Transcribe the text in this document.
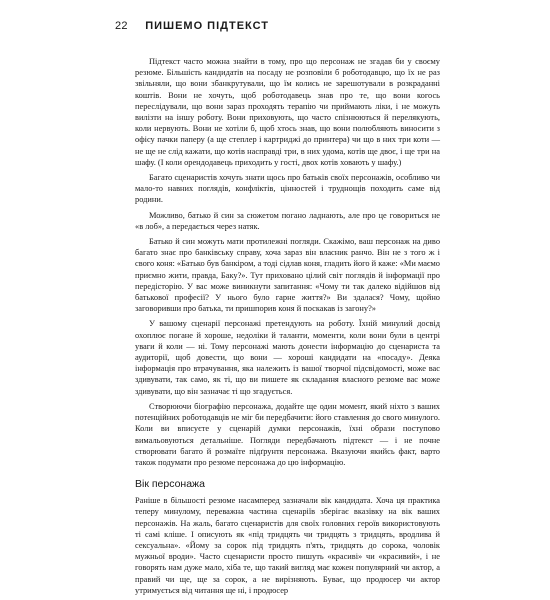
22 ПИШЕМО ПІДТЕКСТ

Підтекст часто можна знайти в тому, про що персонаж не згадав би у своєму резюме. Більшість кандидатів на посаду не розповіли б роботодавцю, що їх не раз звільняли, що вони збанкрутували, що їм колись не зарешотували в розкраданні коштів. Вони не хочуть, щоб роботодавець знав про те, що вони когось переслідували, що вони зараз проходять терапію чи приймають ліки, і не можуть вилізти на іншу роботу. Вони приховують, що часто спізнюються й перелякують, коли нервують. Вони не хотіли б, щоб хтось знав, що вони полюбляють виносити з офісу пачки паперу (а ще степлер і картриджі до принтера) чи що в них три коти — не ще не слід кажати, що котів насправді три, в них удома, котів ще двоє, і ще три на шафу. (І коли орендодавець приходить у гості, двох котів ховають у шафу.)

Багато сценаристів хочуть знати щось про батьків своїх персонажів, особливо чи мало-то навних поглядів, конфліктів, цінностей і труднощів походить саме від родини.

Можливо, батько й син за сюжетом погано ладнають, але про це говориться не «в лоб», а передається через натяк.

Батько й син можуть мати протилежні погляди. Скажімо, ваш персонаж на диво багато знає про банківську справу, хоча зараз він власник ранчо. Він не з того ж і свого коня: «Батько був банкіром, а тоді сідлав коня, гладить його й каже: «Ми маємо приємно жити, правда, Баку?». Тут приховано цілий світ поглядів й інформації про передісторію. У вас може виникнути запитання: «Чому ти так далеко відійшов від батькової професії? У нього було гарне життя?» Ви здалася? Чому, щойно заговоривши про батька, ти пришпорив коня й поскакав із загону?»

У вашому сценарії персонажі претендують на роботу. Їхній минулий досвід охоплює погане й хороше, недоліки й таланти, моменти, коли вони були в центрі уваги й коли — ні. Тому персонажі мають донести інформацію до сценариста та аудиторії, щоб довести, що вони — хороші кандидати на «посаду». Деяка інформація про втрачування, яка належить із вашої творчої підсвідомості, може вас здивувати, так само, як ті, що ви пишете як складання власного резюме вас може здивувати, що він зазначає ті що згадується.

Створюючи біографію персонажа, додайте ще один момент, який ніхто з ваших потенційних роботодавців не міг би передбачити: його ставлення до свого минулого. Коли ви вписуєте у сценарій думки персонажів, їхні образи поступово вимальовуються детальніше. Погляди передбачають підтекст — і не почне створювати багато й розмаїте підґрунтя персонажа. Вказуючи якийсь факт, варто також подумати про резюме персонажа до цю інформацію.

Вік персонажа

Раніше в більшості резюме насамперед зазначали вік кандидата. Хоча ця практика теперу минулому, переважна частина сценаріїв зберігає вказівку на вік ваших персонажів. На жаль, багато сценаристів для своїх головних героїв використовують ті самі кліше. І описують як «під тридцять чи тридцять з тридцять, вродлива й сексуальна». «Йому за сорок під тридцять п'ять, тридцять до сорока, чоловік мужньої вроди». Часто сценаристи просто пишуть «красиві» чи «красивий», і не говорять нам дуже мало, хіба те, що такий вигляд має кожен популярний чи актор, а правий чи ще, ще за сорок, а не вирізняють. Буває, що продюсер чи актор утримується від читання ще ні, і продюсер
